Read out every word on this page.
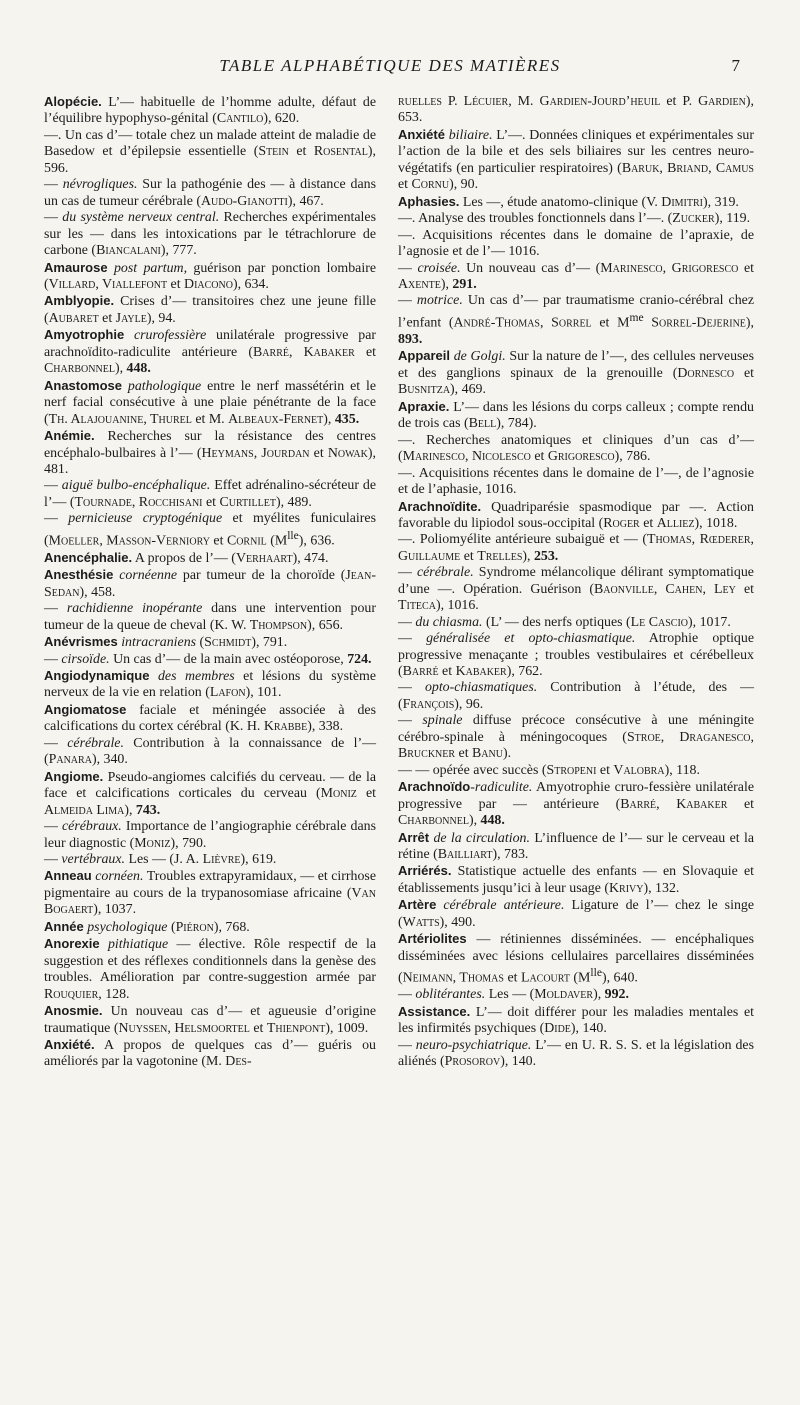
TABLE ALPHABÉTIQUE DES MATIÈRES	7

Alopécie. L’— habituelle de l’homme adulte, défaut de l’équilibre hypophyso-génital (Cantilo), 620.

—. Un cas d’— totale chez un malade atteint de maladie de Basedow et d’épilepsie essentielle (Stein et Rosental), 596.

— névrogliques. Sur la pathogénie des — à distance dans un cas de tumeur cérébrale (Audo-Gianotti), 467.

— du système nerveux central. Recherches expérimentales sur les — dans les intoxications par le tétrachlorure de carbone (Biancalani), 777.

Amaurose post partum, guérison par ponction lombaire (Villard, Viallefont et Diacono), 634.

Amblyopie. Crises d’— transitoires chez une jeune fille (Aubaret et Jayle), 94.

Amyotrophie crurofessière unilatérale progressive par arachnoïdito-radiculite antérieure (Barré, Kabaker et Charbonnel), 448.

Anastomose pathologique entre le nerf massétérin et le nerf facial consécutive à une plaie pénétrante de la face (Th. Alajouanine, Thurel et M. Albeaux-Fernet), 435.

Anémie. Recherches sur la résistance des centres encéphalo-bulbaires à l’— (Heymans, Jourdan et Nowak), 481.

— aiguë bulbo-encéphalique. Effet adrénalino-sécréteur de l’— (Tournade, Rocchisani et Curtillet), 489.

— pernicieuse cryptogénique et myélites funiculaires (Moeller, Masson-Verniory et Cornil $(M^{lle})$, 636.

Anencéphalie. A propos de l’— (Verhaart), 474.

Anesthésie cornéenne par tumeur de la choroïde (Jean-Sedan), 458.

— rachidienne inopérante dans une intervention pour tumeur de la queue de cheval (K. W. Thompson), 656.

Anévrismes intracraniens (Schmidt), 791.

— cirsoïde. Un cas d’— de la main avec ostéoporose, 724.

Angiodynamique des membres et lésions du système nerveux de la vie en relation (Lafon), 101.

Angiomatose faciale et méningée associée à des calcifications du cortex cérébral (K. H. Krabbe), 338.

— cérébrale. Contribution à la connaissance de l’— (Panara), 340.

Angiome. Pseudo-angiomes calcifiés du cerveau. — de la face et calcifications corticales du cerveau (Moniz et Almeida Lima), 743.

— cérébraux. Importance de l’angiographie cérébrale dans leur diagnostic (Moniz), 790.

— vertébraux. Les — (J. A. Lièvre), 619.

Anneau cornéen. Troubles extrapyramidaux, — et cirrhose pigmentaire au cours de la trypanosomiase africaine (Van Bogaert), 1037.

Année psychologique (Piéron), 768.

Anorexie pithiatique — élective. Rôle respectif de la suggestion et des réflexes conditionnels dans la genèse des troubles. Amélioration par contre-suggestion armée par Rouquier, 128.

Anosmie. Un nouveau cas d’— et agueusie d’origine traumatique (Nuyssen, Helsmoortel et Thienpont), 1009.

Anxiété. A propos de quelques cas d’— guéris ou améliorés par la vagotonine (M. Des-

ruelles P. Lécuier, M. Gardien-Jourd’heuil et P. Gardien), 653.

Anxiété biliaire. L’—. Données cliniques et expérimentales sur l’action de la bile et des sels biliaires sur les centres neuro-végétatifs (en particulier respiratoires) (Baruk, Briand, Camus et Cornu), 90.

Aphasies. Les —, étude anatomo-clinique (V. Dimitri), 319.

—. Analyse des troubles fonctionnels dans l’—. (Zucker), 119.

—. Acquisitions récentes dans le domaine de l’apraxie, de l’agnosie et de l’— 1016.

— croisée. Un nouveau cas d’— (Marinesco, Grigoresco et Axente), 291.

— motrice. Un cas d’— par traumatisme cranio-cérébral chez l’enfant (André-Thomas, Sorrel et $M^{me}$ Sorrel-Dejerine), 893.

Appareil de Golgi. Sur la nature de l’—, des cellules nerveuses et des ganglions spinaux de la grenouille (Dornesco et Busnitza), 469.

Apraxie. L’— dans les lésions du corps calleux ; compte rendu de trois cas (Bell), 784).

—. Recherches anatomiques et cliniques d’un cas d’— (Marinesco, Nicolesco et Grigoresco), 786.

—. Acquisitions récentes dans le domaine de l’—, de l’agnosie et de l’aphasie, 1016.

Arachnoïdite. Quadriparésie spasmodique par —. Action favorable du lipiodol sous-occipital (Roger et Alliez), 1018.

—. Poliomyélite antérieure subaiguë et — (Thomas, Rœderer, Guillaume et Trelles), 253.

— cérébrale. Syndrome mélancolique délirant symptomatique d’une —. Opération. Guérison (Baonville, Cahen, Ley et Titeca), 1016.

— du chiasma. (L’ — des nerfs optiques (Le Cascio), 1017.

— généralisée et opto-chiasmatique. Atrophie optique progressive menaçante ; troubles vestibulaires et cérébelleux (Barré et Kabaker), 762.

— opto-chiasmatiques. Contribution à l’étude, des — (François), 96.

— spinale diffuse précoce consécutive à une méningite cérébro-spinale à méningocoques (Stroe, Draganesco, Bruckner et Banu).

— — opérée avec succès (Stropeni et Valobra), 118.

Arachnoïdo-radiculite. Amyotrophie cruro-fessière unilatérale progressive par — antérieure (Barré, Kabaker et Charbonnel), 448.

Arrêt de la circulation. L’influence de l’— sur le cerveau et la rétine (Bailliart), 783.

Arriérés. Statistique actuelle des enfants — en Slovaquie et établissements jusqu’ici à leur usage (Krivy), 132.

Artère cérébrale antérieure. Ligature de l’— chez le singe (Watts), 490.

Artériolites — rétiniennes disséminées. — encéphaliques disséminées avec lésions cellulaires parcellaires disséminées (Neimann, Thomas et Lacourt $(M^{lle})$, 640.

— oblitérantes. Les — (Moldaver), 992.

Assistance. L’— doit différer pour les maladies mentales et les infirmités psychiques (Dide), 140.

— neuro-psychiatrique. L’— en U. R. S. S. et la législation des aliénés (Prosorov), 140.
